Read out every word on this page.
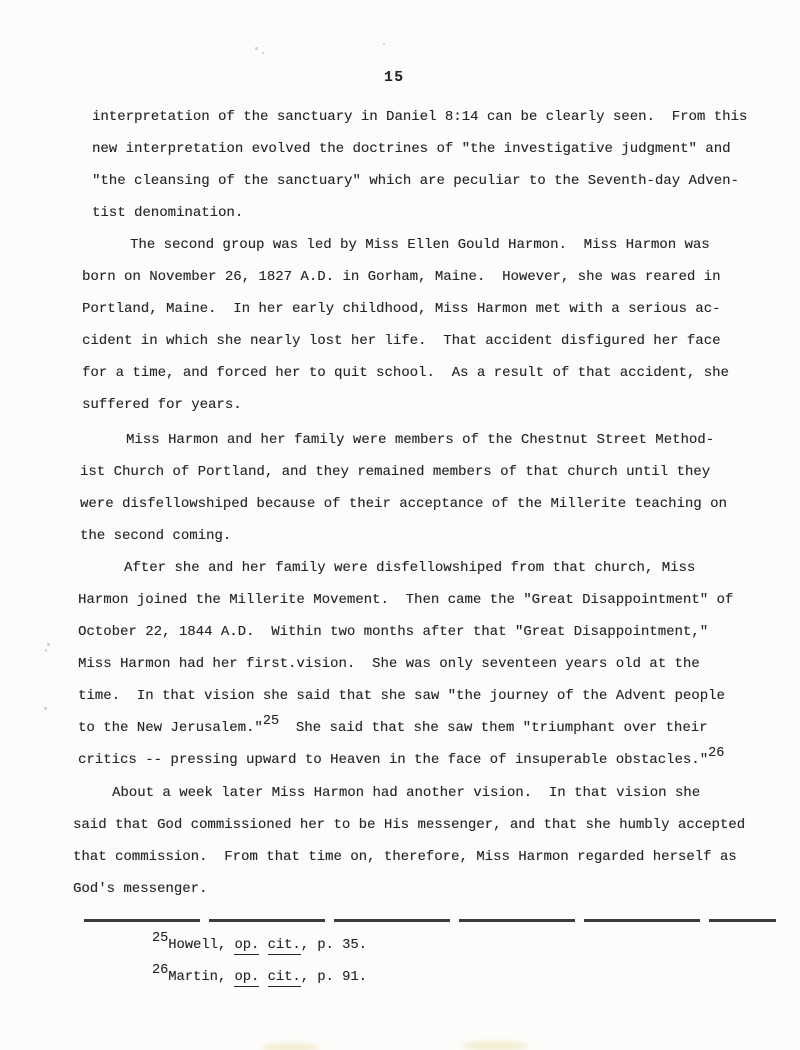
15
interpretation of the sanctuary in Daniel 8:14 can be clearly seen.  From this
new interpretation evolved the doctrines of "the investigative judgment" and
"the cleansing of the sanctuary" which are peculiar to the Seventh-day Adven-
tist denomination.
The second group was led by Miss Ellen Gould Harmon.  Miss Harmon was
born on November 26, 1827 A.D. in Gorham, Maine.  However, she was reared in
Portland, Maine.  In her early childhood, Miss Harmon met with a serious ac-
cident in which she nearly lost her life.  That accident disfigured her face
for a time, and forced her to quit school.  As a result of that accident, she
suffered for years.
Miss Harmon and her family were members of the Chestnut Street Method-
ist Church of Portland, and they remained members of that church until they
were disfellowshiped because of their acceptance of the Millerite teaching on
the second coming.
After she and her family were disfellowshiped from that church, Miss
Harmon joined the Millerite Movement.  Then came the "Great Disappointment" of
October 22, 1844 A.D.  Within two months after that "Great Disappointment,"
Miss Harmon had her first.vision.  She was only seventeen years old at the
time.  In that vision she said that she saw "the journey of the Advent people
to the New Jerusalem."25  She said that she saw them "triumphant over their
critics -- pressing upward to Heaven in the face of insuperable obstacles."26
About a week later Miss Harmon had another vision.  In that vision she
said that God commissioned her to be His messenger, and that she humbly accepted
that commission.  From that time on, therefore, Miss Harmon regarded herself as
God's messenger.
25Howell, op. cit., p. 35.
26Martin, op. cit., p. 91.
